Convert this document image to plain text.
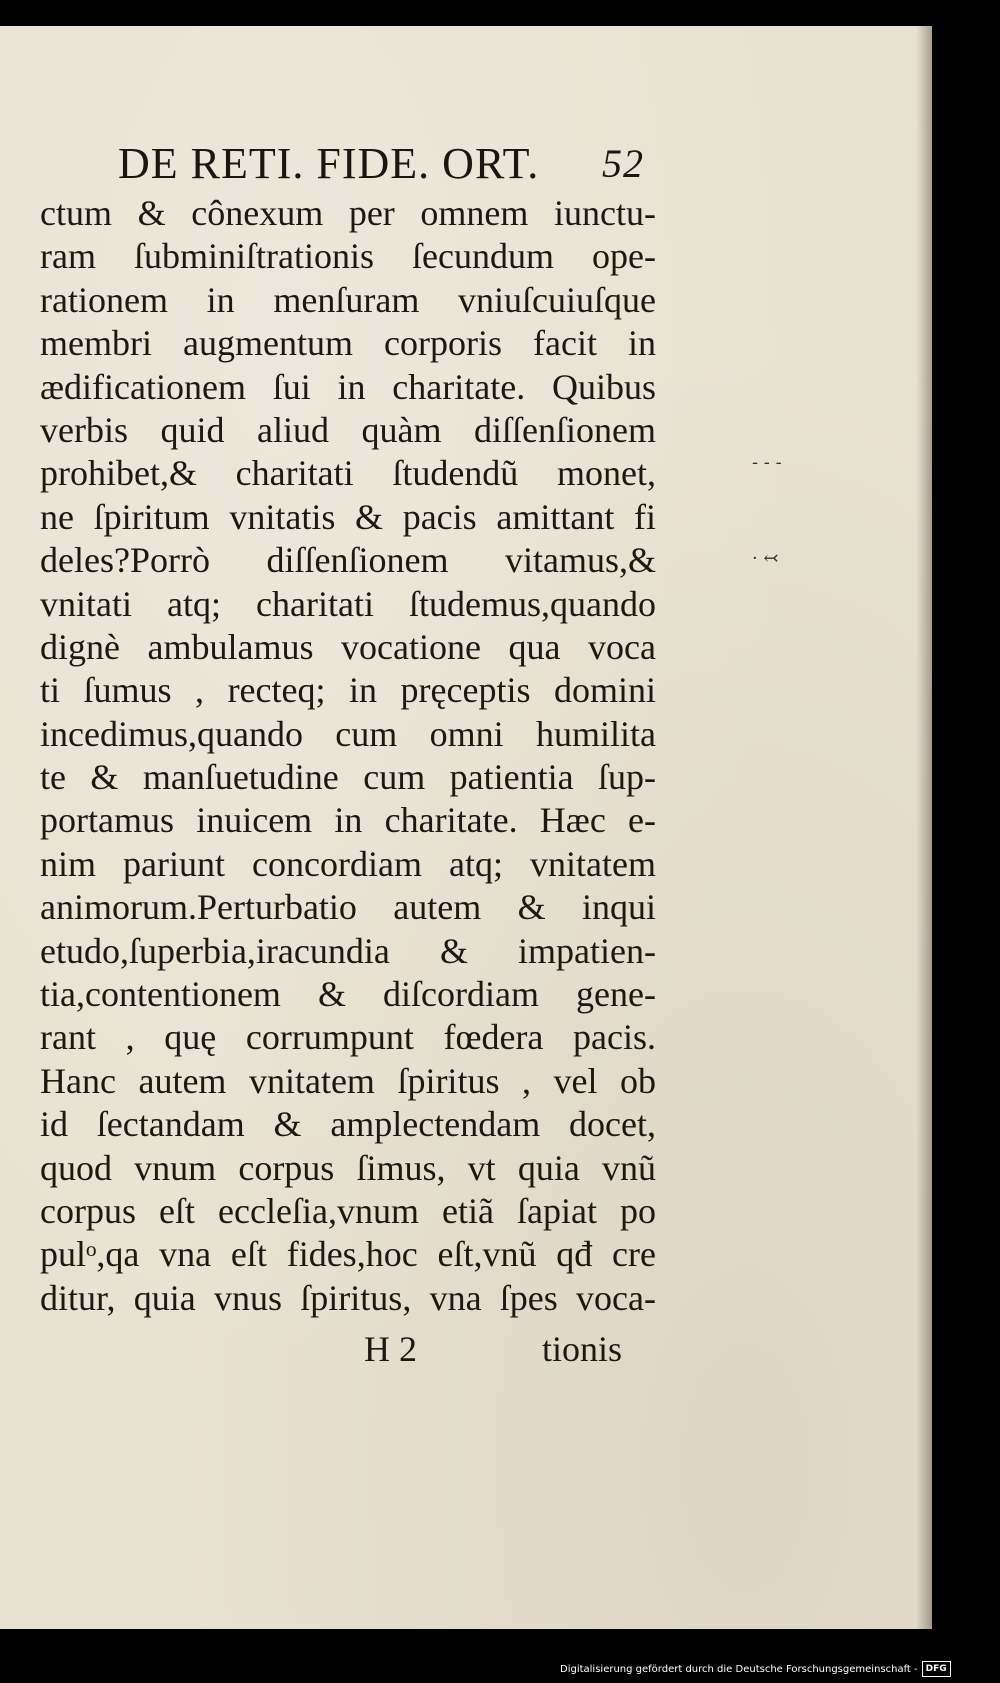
DE RETI. FIDE. ORT. 52
ctum & cônexum per omnem iunctu-
ram ſubminiſtrationis ſecundum ope-
rationem in menſuram vniuſcuiuſque
membri augmentum corporis facit in
ædificationem ſui in charitate. Quibus
verbis quid aliud quàm diſſenſionem
prohibet,& charitati ſtudendũ monet,
ne ſpiritum vnitatis & pacis amittant fi
deles?Porrò diſſenſionem vitamus,&
vnitati atq; charitati ſtudemus,quando
dignè ambulamus vocatione qua voca
ti ſumus , recteq; in pręceptis domini
incedimus,quando cum omni humilita
te & manſuetudine cum patientia ſup-
portamus inuicem in charitate. Hæc e-
nim pariunt concordiam atq; vnitatem
animorum.Perturbatio autem & inqui
etudo,ſuperbia,iracundia & impatien-
tia,contentionem & diſcordiam gene-
rant , quę corrumpunt fœdera pacis.
Hanc autem vnitatem ſpiritus , vel ob
id ſectandam & amplectendam docet,
quod vnum corpus ſimus, vt quia vnũ
corpus eſt eccleſia,vnum etiã ſapiat po
pulᵒ,qa vna eſt fides,hoc eſt,vnũ qđ cre
ditur, quia vnus ſpiritus, vna ſpes voca-
H 2	tionis
- - -
· ↢
Digitalisierung gefördert durch die Deutsche Forschungsgemeinschaft - DFG
